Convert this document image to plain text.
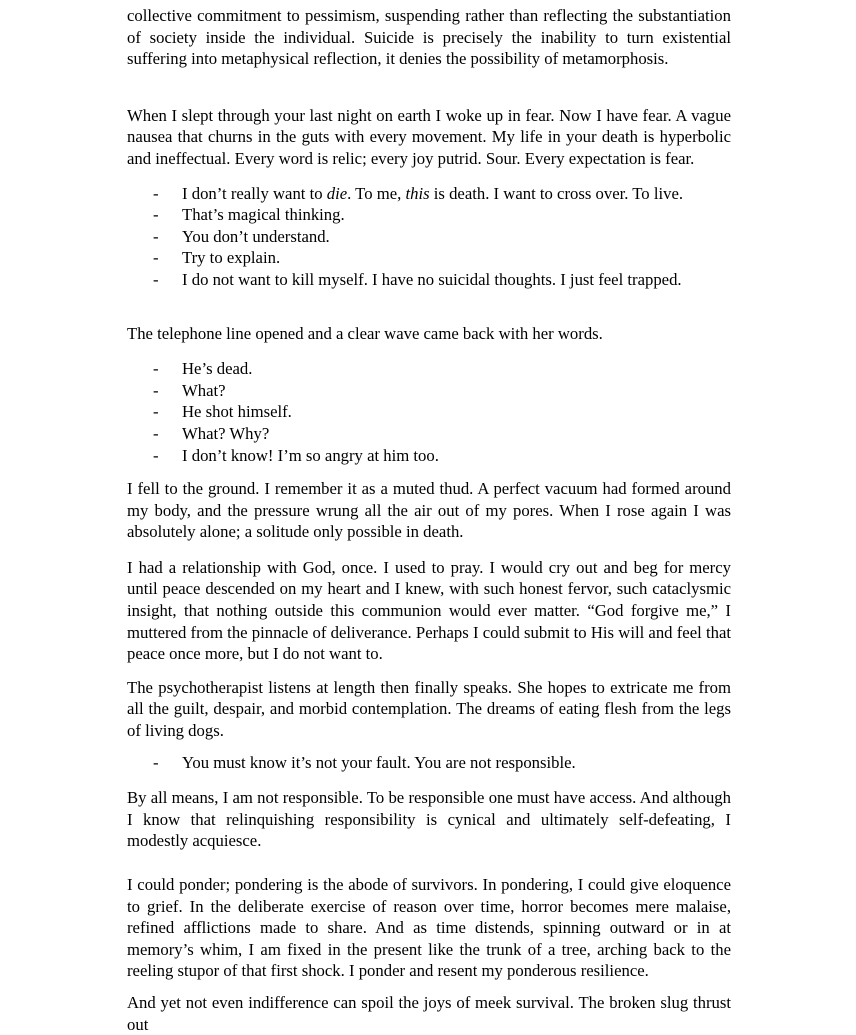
collective commitment to pessimism, suspending rather than reflecting the substantiation of society inside the individual. Suicide is precisely the inability to turn existential suffering into metaphysical reflection, it denies the possibility of metamorphosis.
When I slept through your last night on earth I woke up in fear. Now I have fear. A vague nausea that churns in the guts with every movement. My life in your death is hyperbolic and ineffectual. Every word is relic; every joy putrid. Sour. Every expectation is fear.
-	I don’t really want to die. To me, this is death. I want to cross over. To live.
-	That’s magical thinking.
-	You don’t understand.
-	Try to explain.
-	I do not want to kill myself. I have no suicidal thoughts. I just feel trapped.
The telephone line opened and a clear wave came back with her words.
-	He’s dead.
-	What?
-	He shot himself.
-	What? Why?
-	I don’t know! I’m so angry at him too.
I fell to the ground. I remember it as a muted thud. A perfect vacuum had formed around my body, and the pressure wrung all the air out of my pores. When I rose again I was absolutely alone; a solitude only possible in death.
I had a relationship with God, once. I used to pray. I would cry out and beg for mercy until peace descended on my heart and I knew, with such honest fervor, such cataclysmic insight, that nothing outside this communion would ever matter. “God forgive me,” I muttered from the pinnacle of deliverance. Perhaps I could submit to His will and feel that peace once more, but I do not want to.
The psychotherapist listens at length then finally speaks. She hopes to extricate me from all the guilt, despair, and morbid contemplation. The dreams of eating flesh from the legs of living dogs.
-	You must know it’s not your fault. You are not responsible.
By all means, I am not responsible. To be responsible one must have access. And although I know that relinquishing responsibility is cynical and ultimately self-defeating, I modestly acquiesce.
I could ponder; pondering is the abode of survivors. In pondering, I could give eloquence to grief. In the deliberate exercise of reason over time, horror becomes mere malaise, refined afflictions made to share. And as time distends, spinning outward or in at memory’s whim, I am fixed in the present like the trunk of a tree, arching back to the reeling stupor of that first shock. I ponder and resent my ponderous resilience.
And yet not even indifference can spoil the joys of meek survival. The broken slug thrust out
